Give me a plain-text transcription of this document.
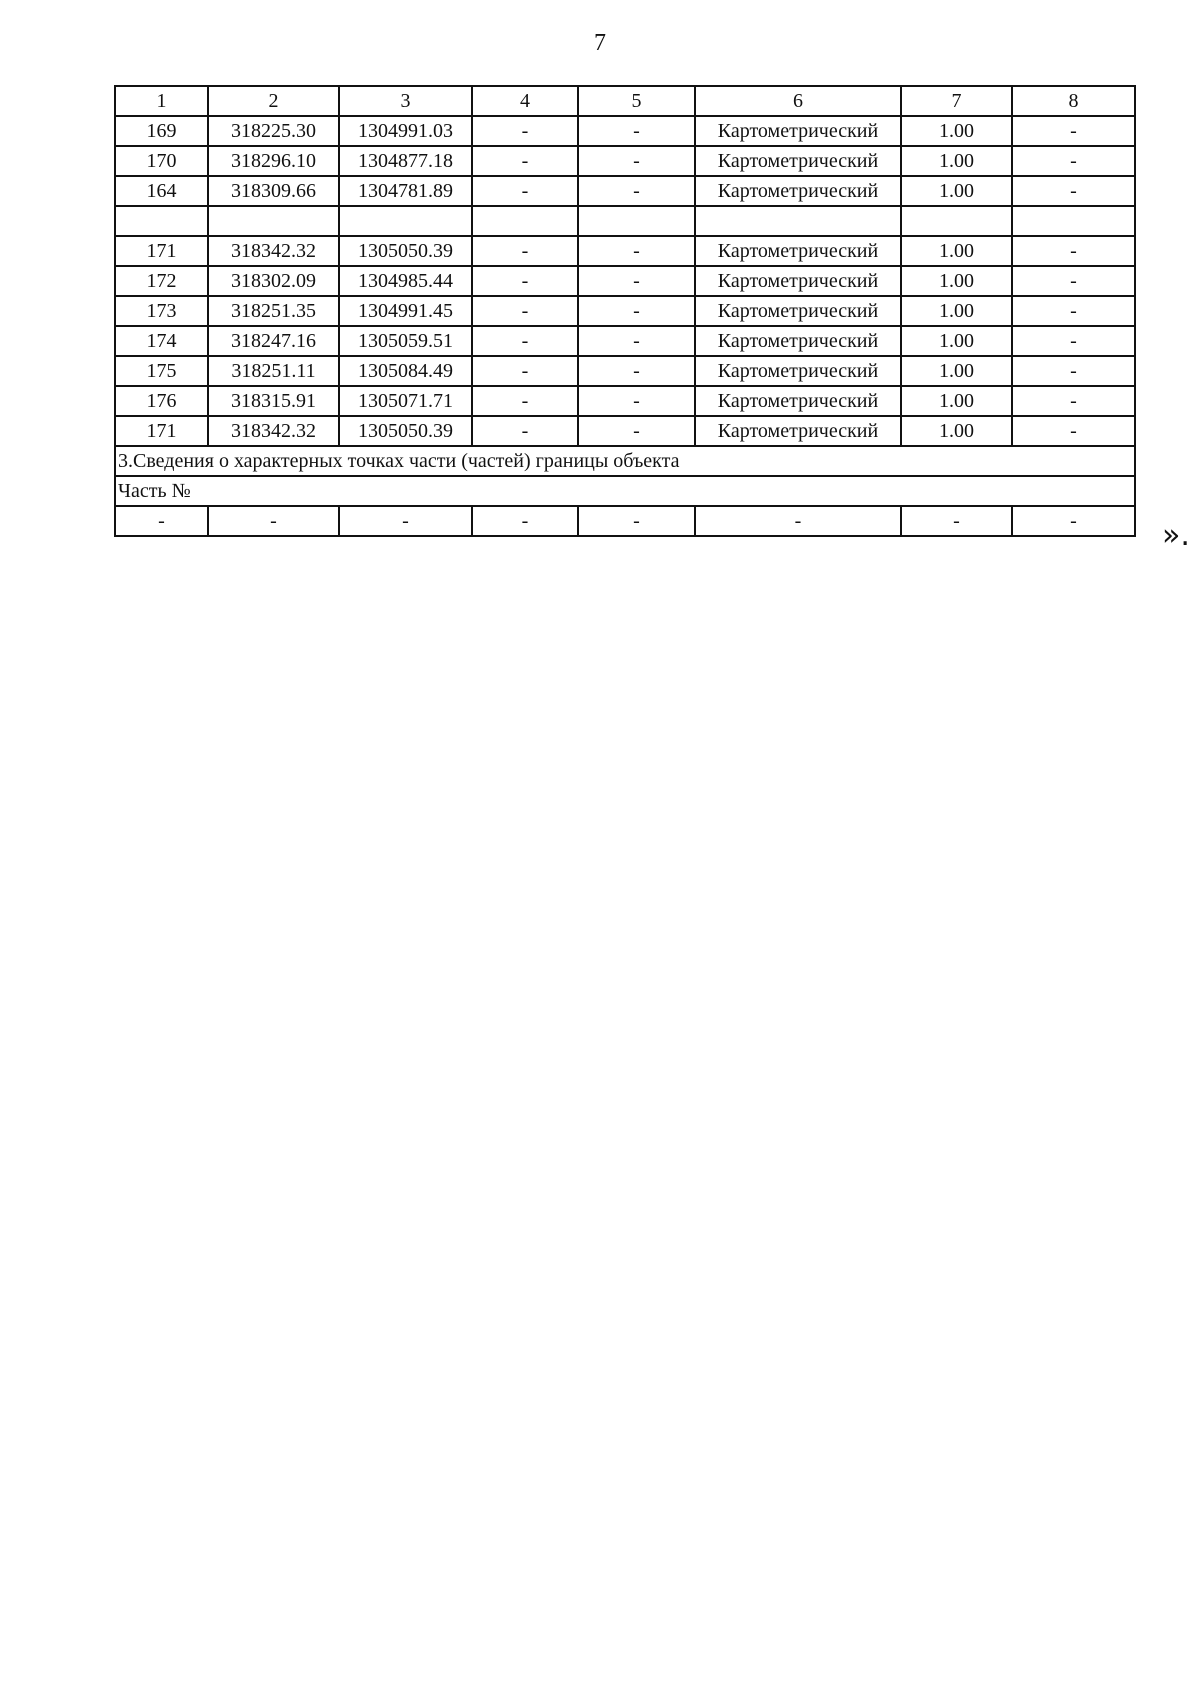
7
1	2	3	4	5	6	7	8
169	318225.30	1304991.03	-	-	Картометрический	1.00	-
170	318296.10	1304877.18	-	-	Картометрический	1.00	-
164	318309.66	1304781.89	-	-	Картометрический	1.00	-

171	318342.32	1305050.39	-	-	Картометрический	1.00	-
172	318302.09	1304985.44	-	-	Картометрический	1.00	-
173	318251.35	1304991.45	-	-	Картометрический	1.00	-
174	318247.16	1305059.51	-	-	Картометрический	1.00	-
175	318251.11	1305084.49	-	-	Картометрический	1.00	-
176	318315.91	1305071.71	-	-	Картометрический	1.00	-
171	318342.32	1305050.39	-	-	Картометрический	1.00	-
3.Сведения о характерных точках части (частей) границы объекта							
Часть №							
-	-	-	-	-	-	-	-	».
